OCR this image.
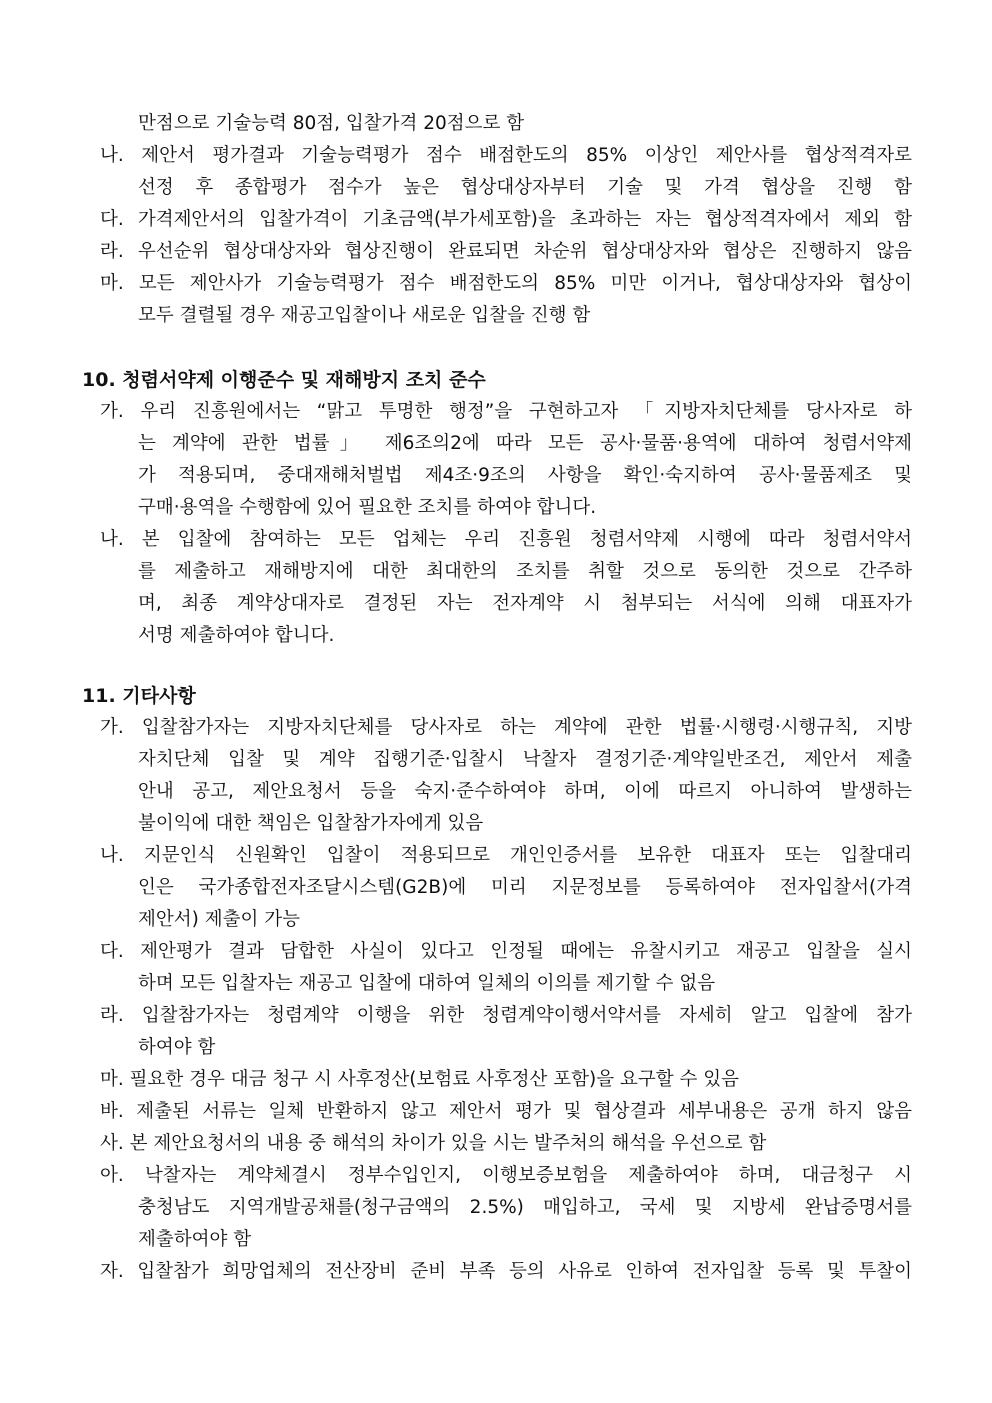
만점으로 기술능력 80점, 입찰가격 20점으로 함
나. 제안서 평가결과 기술능력평가 점수 배점한도의 85% 이상인 제안사를 협상적격자로
선정 후 종합평가 점수가 높은 협상대상자부터 기술 및 가격 협상을 진행 함
다. 가격제안서의 입찰가격이 기초금액(부가세포함)을 초과하는 자는 협상적격자에서 제외 함
라. 우선순위 협상대상자와 협상진행이 완료되면 차순위 협상대상자와 협상은 진행하지 않음
마. 모든 제안사가 기술능력평가 점수 배점한도의 85% 미만 이거나, 협상대상자와 협상이
모두 결렬될 경우 재공고입찰이나 새로운 입찰을 진행 함
10. 청렴서약제 이행준수 및 재해방지 조치 준수
가. 우리 진흥원에서는 “맑고 투명한 행정”을 구현하고자 「지방자치단체를 당사자로 하
는 계약에 관한 법률」 제6조의2에 따라 모든 공사·물품·용역에 대하여 청렴서약제
가 적용되며, 중대재해처벌법 제4조·9조의 사항을 확인·숙지하여 공사·물품제조 및
구매·용역을 수행함에 있어 필요한 조치를 하여야 합니다.
나. 본 입찰에 참여하는 모든 업체는 우리 진흥원 청렴서약제 시행에 따라 청렴서약서
를 제출하고 재해방지에 대한 최대한의 조치를 취할 것으로 동의한 것으로 간주하
며, 최종 계약상대자로 결정된 자는 전자계약 시 첨부되는 서식에 의해 대표자가
서명 제출하여야 합니다.
11. 기타사항
가. 입찰참가자는 지방자치단체를 당사자로 하는 계약에 관한 법률·시행령·시행규칙, 지방
자치단체 입찰 및 계약 집행기준·입찰시 낙찰자 결정기준·계약일반조건, 제안서 제출
안내 공고, 제안요청서 등을 숙지·준수하여야 하며, 이에 따르지 아니하여 발생하는
불이익에 대한 책임은 입찰참가자에게 있음
나. 지문인식 신원확인 입찰이 적용되므로 개인인증서를 보유한 대표자 또는 입찰대리
인은 국가종합전자조달시스템(G2B)에 미리 지문정보를 등록하여야 전자입찰서(가격
제안서) 제출이 가능
다. 제안평가 결과 담합한 사실이 있다고 인정될 때에는 유찰시키고 재공고 입찰을 실시
하며 모든 입찰자는 재공고 입찰에 대하여 일체의 이의를 제기할 수 없음
라. 입찰참가자는 청렴계약 이행을 위한 청렴계약이행서약서를 자세히 알고 입찰에 참가
하여야 함
마. 필요한 경우 대금 청구 시 사후정산(보험료 사후정산 포함)을 요구할 수 있음
바. 제출된 서류는 일체 반환하지 않고 제안서 평가 및 협상결과 세부내용은 공개 하지 않음
사. 본 제안요청서의 내용 중 해석의 차이가 있을 시는 발주처의 해석을 우선으로 함
아. 낙찰자는 계약체결시 정부수입인지, 이행보증보험을 제출하여야 하며, 대금청구 시
충청남도 지역개발공채를(청구금액의 2.5%) 매입하고, 국세 및 지방세 완납증명서를
제출하여야 함
자. 입찰참가 희망업체의 전산장비 준비 부족 등의 사유로 인하여 전자입찰 등록 및 투찰이
